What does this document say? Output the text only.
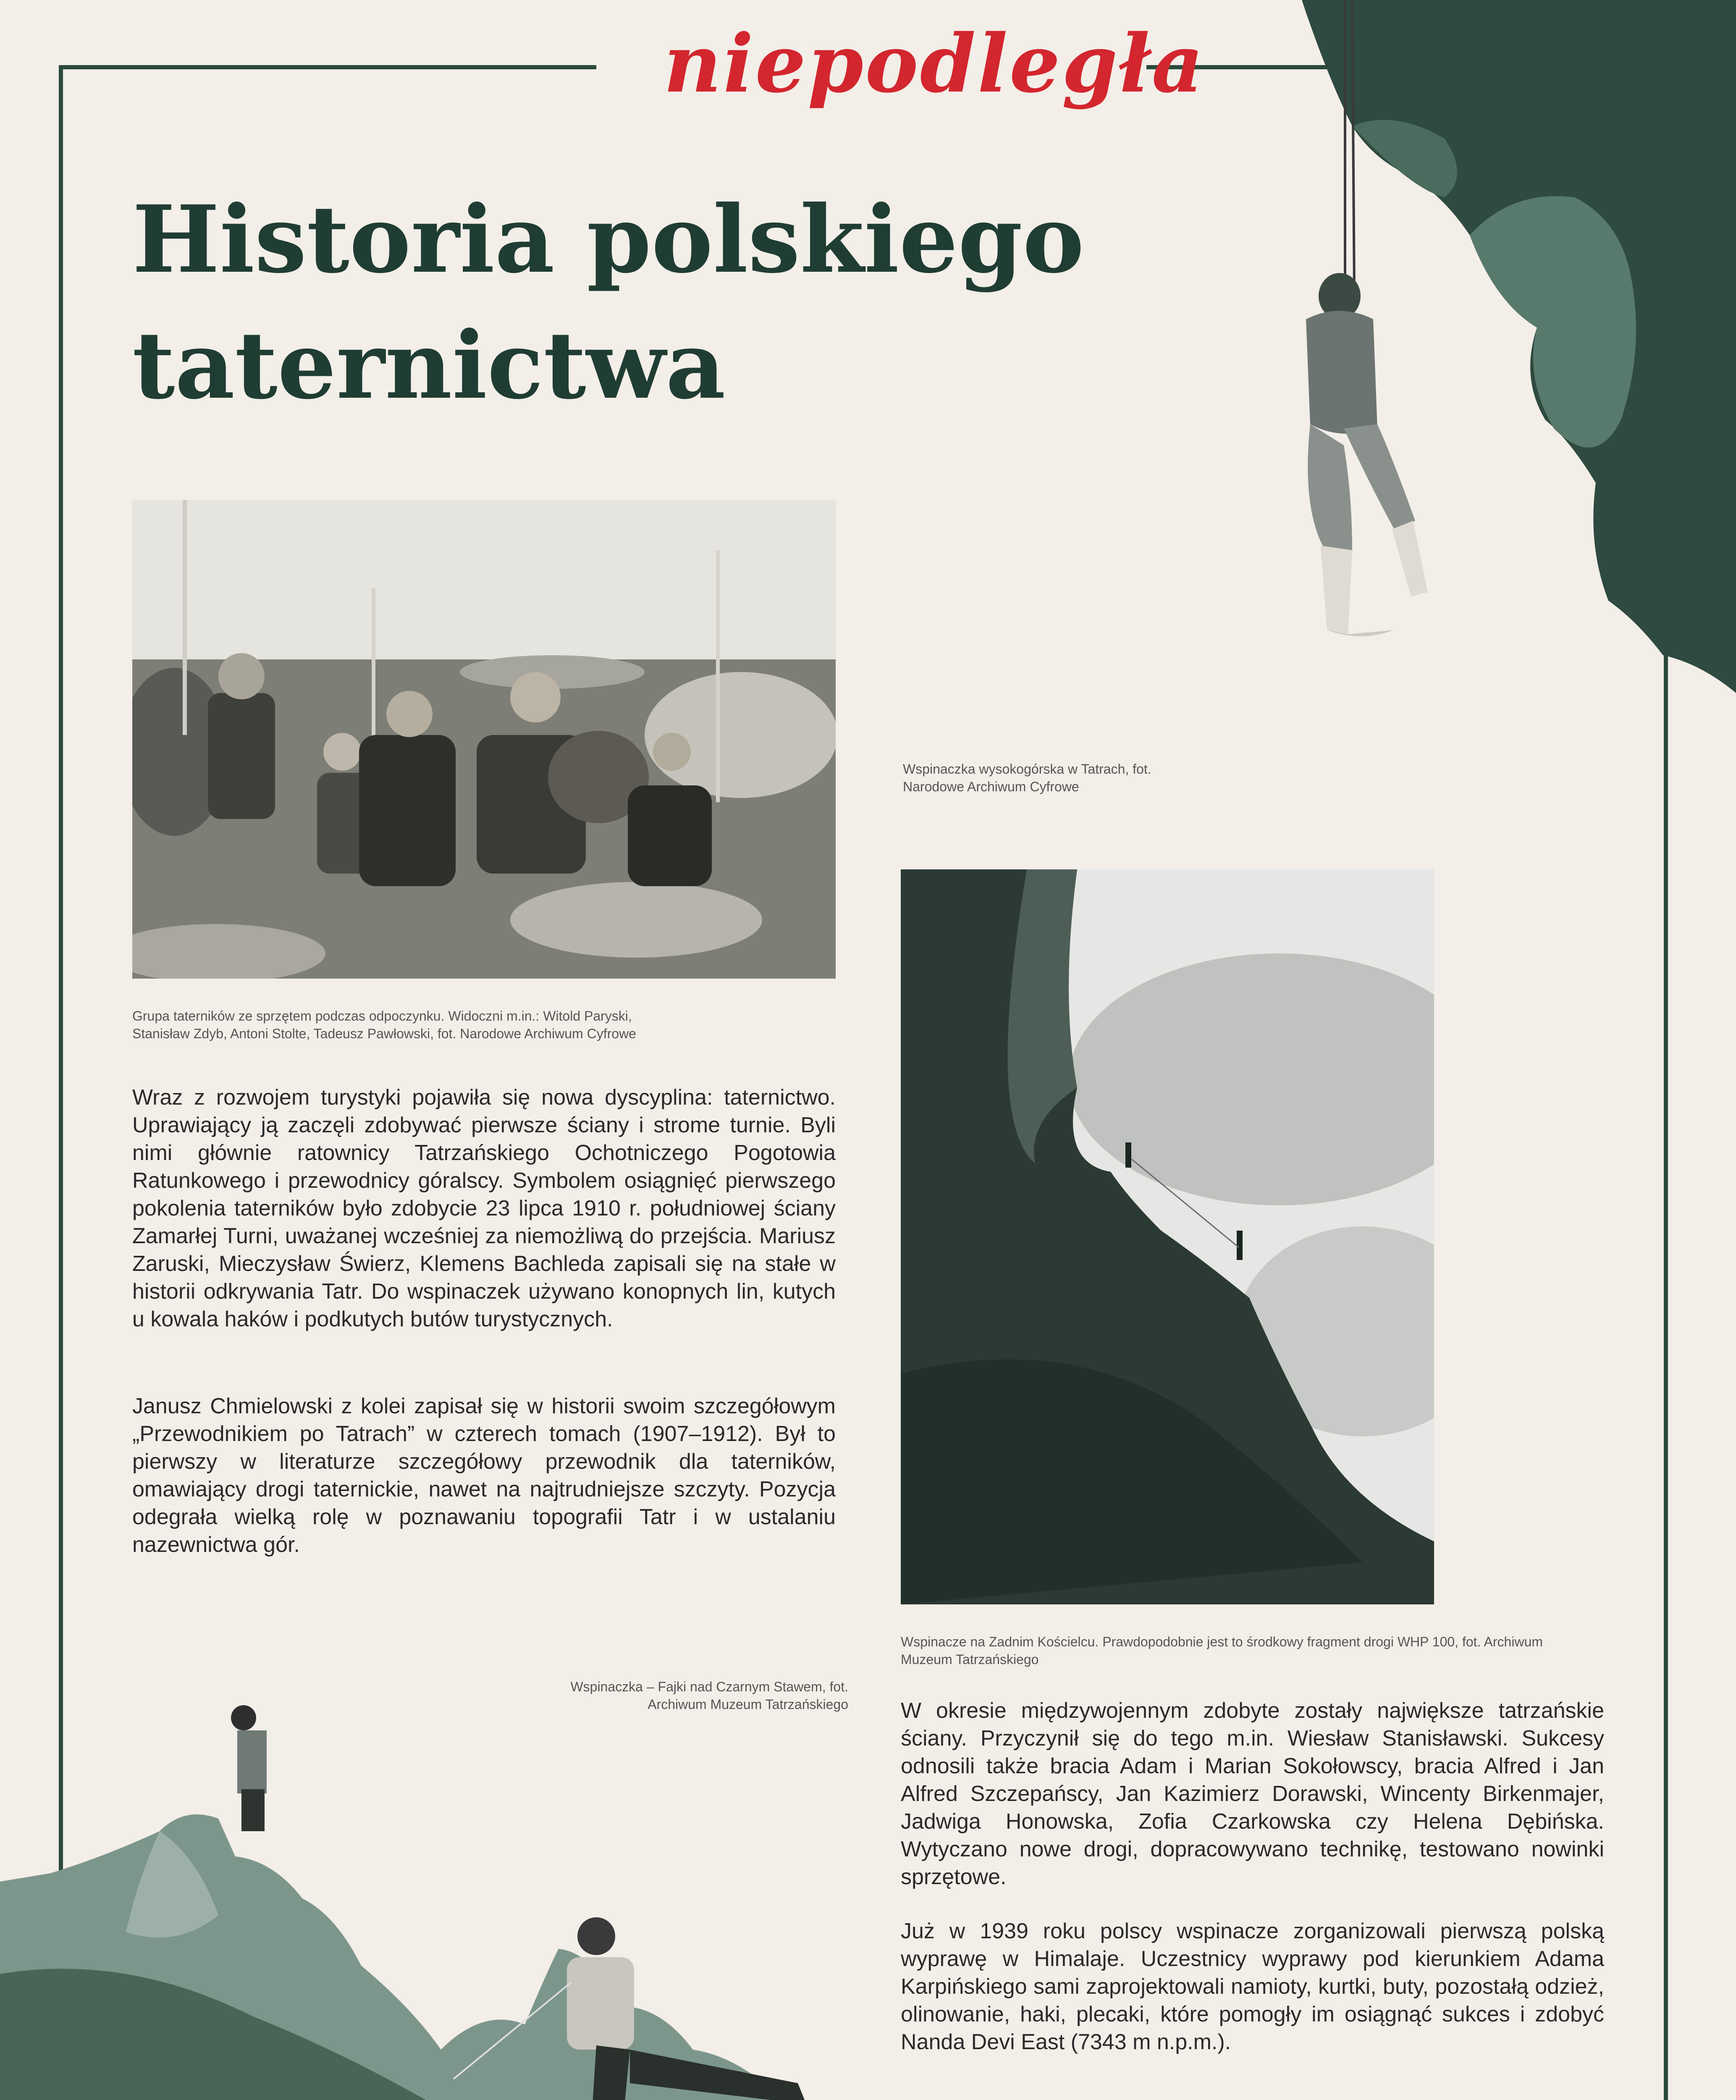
niepodległa
Historia polskiego
taternictwa
Wspinaczka wysokogórska w Tatrach, fot. Narodowe Archiwum Cyfrowe
Grupa taterników ze sprzętem podczas odpoczynku. Widoczni m.in.: Witold Paryski, Stanisław Zdyb, Antoni Stolte, Tadeusz Pawłowski, fot. Narodowe Archiwum Cyfrowe

Wraz z rozwojem turystyki pojawiła się nowa dyscyplina: taternictwo. Uprawiający ją zaczęli zdobywać pierwsze ściany i strome turnie. Byli nimi głównie ratownicy Tatrzańskiego Ochotniczego Pogotowia Ratunkowego i przewodnicy góralscy. Symbolem osiągnięć pierwszego pokolenia taterników było zdobycie 23 lipca 1910 r. południowej ściany Zamarłej Turni, uważanej wcześniej za niemożliwą do przejścia. Mariusz Zaruski, Mieczysław Świerz, Klemens Bachleda zapisali się na stałe w historii odkrywania Tatr. Do wspinaczek używano konopnych lin, kutych u kowala haków i podkutych butów turystycznych.

Janusz Chmielowski z kolei zapisał się w historii swoim szczegółowym „Przewodnikiem po Tatrach” w czterech tomach (1907–1912). Był to pierwszy w literaturze szczegółowy przewodnik dla taterników, omawiający drogi taternickie, nawet na najtrudniejsze szczyty. Pozycja odegrała wielką rolę w poznawaniu topografii Tatr i w ustalaniu nazewnictwa gór.

Wspinacze na Zadnim Kościelcu. Prawdopodobnie jest to środkowy fragment drogi WHP 100, fot. Archiwum Muzeum Tatrzańskiego
Wspinaczka – Fajki nad Czarnym Stawem, fot. Archiwum Muzeum Tatrzańskiego W okresie międzywojennym zdobyte zostały największe tatrzańskie ściany. Przyczynił się do tego m.in. Wiesław Stanisławski. Sukcesy odnosili także bracia Adam i Marian Sokołowscy, bracia Alfred i Jan Alfred Szczepańscy, Jan Kazimierz Dorawski, Wincenty Birkenmajer, Jadwiga Honowska, Zofia Czarkowska czy Helena Dębińska. Wytyczano nowe drogi, dopracowywano technikę, testowano nowinki sprzętowe.

Już w 1939 roku polscy wspinacze zorganizowali pierwszą polską wyprawę w Himalaje. Uczestnicy wyprawy pod kierunkiem Adama Karpińskiego sami zaprojektowali namioty, kurtki, buty, pozostałą odzież, olinowanie, haki, plecaki, które pomogły im osiągnąć sukces i zdobyć Nanda Devi East (7343 m n.p.m.).
